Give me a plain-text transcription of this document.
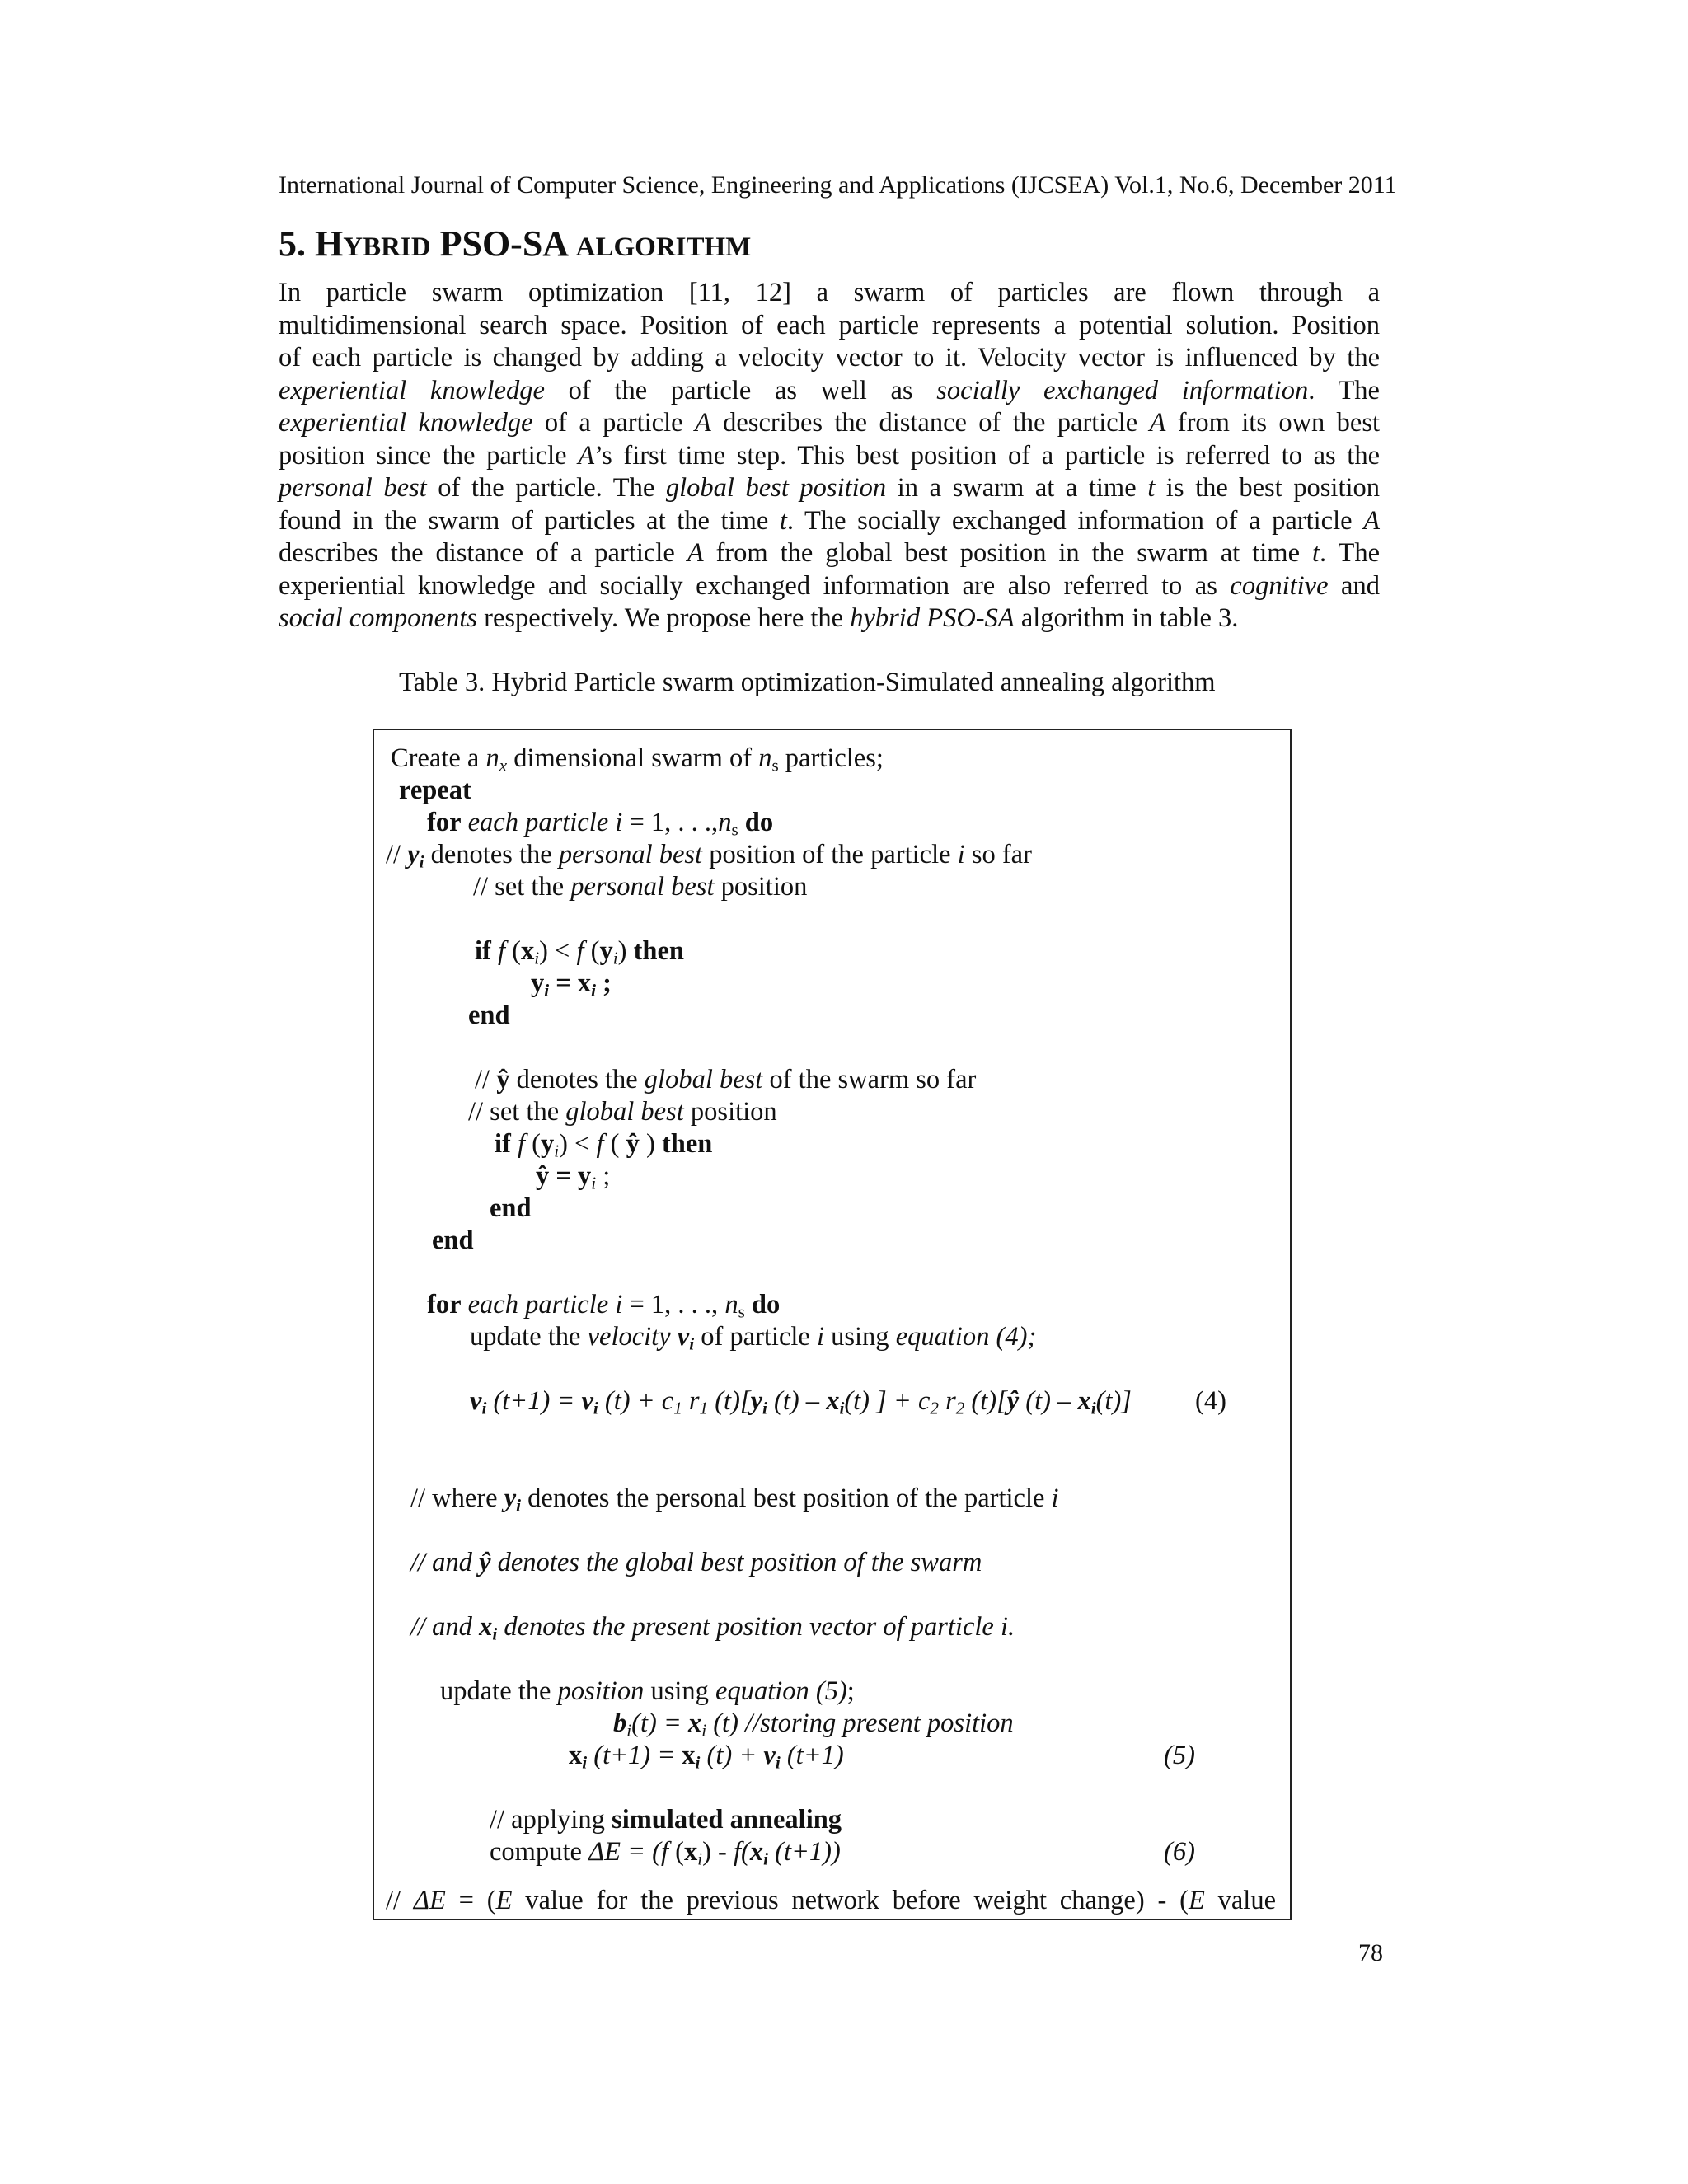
International Journal of Computer Science, Engineering and Applications (IJCSEA) Vol.1, No.6, December 2011
5. HYBRID PSO-SA ALGORITHM
In particle swarm optimization [11, 12] a swarm of particles are flown through a
multidimensional search space. Position of each particle represents a potential solution. Position
of each particle is changed by adding a velocity vector to it. Velocity vector is influenced by the
experiential knowledge of the particle as well as socially exchanged information. The
experiential knowledge of a particle A describes the distance of the particle A from its own best
position since the particle A’s first time step. This best position of a particle is referred to as the
personal best of the particle. The global best position in a swarm at a time t is the best position
found in the swarm of particles at the time t. The socially exchanged information of a particle A
describes the distance of a particle A from the global best position in the swarm at time t. The
experiential knowledge and socially exchanged information are also referred to as cognitive and
social components respectively. We propose here the hybrid PSO-SA algorithm in table 3.
Table 3. Hybrid Particle swarm optimization-Simulated annealing algorithm
Create a $n_x$ dimensional swarm of $n_s$ particles;
repeat
for each particle i = 1, . . $.,n_s$ do
// $y_i$ denotes the personal best position of the particle i so far
// set the personal best position
if f $(x_i) < f$ $(y_i)$ then
$y_i = x_i$ ;
end
// ŷ denotes the global best of the swarm so far
// set the global best position
if f $(y_i) < f$ ( ŷ ) then
ŷ = $y_i$ ;
end
end
for each particle i = 1, . . ., $n_s$ do
update the velocity $v_i$ of particle i using equation (4);
$v_i$ $(t+1) = v_i$ $(t) + c_1$ $r_1$ $(t)[y_i$ $(t) - x_i(t)$ ] + $c_2$ $r_2$ (t)[ŷ $(t) - x_i(t)$] (4)
// where $y_i$ denotes the personal best position of the particle i
// and ŷ denotes the global best position of the swarm
// and $x_i$ denotes the present position vector of particle i.
update the position using equation (5);
$b_i(t) = x_i$ (t) //storing present position
$x_i$ $(t+1) = x_i$ $(t) + v_i$ (t+1)	(5)
// applying simulated annealing
compute ΔE = (f $(x_i) - f(x_i$ (t+1))	(6)
// ΔE = (E value for the previous network before weight change) - (E value
78
